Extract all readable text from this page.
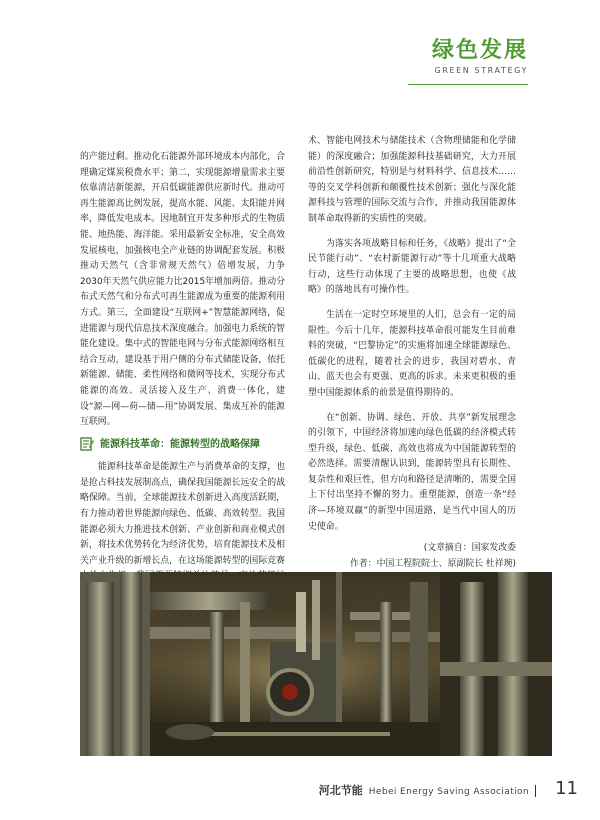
绿色发展
GREEN STRATEGY

的产能过剩。推动化石能源外部环境成本内部化，合理确定煤炭税费水平；第二，实现能源增量需求主要依靠清洁新能源，开启低碳能源供应新时代。推动可再生能源高比例发展，提高水能、风能、太阳能并网率，降低发电成本。因地制宜开发多种形式的生物质能、地热能、海洋能。采用最新安全标准，安全高效发展核电，加强核电全产业链的协调配套发展。积极推动天然气（含非常规天然气）倍增发展，力争2030年天然气供应能力比2015年增加两倍。推动分布式天然气和分布式可再生能源成为重要的能源利用方式。第三，全面建设“互联网+”智慧能源网络，促进能源与现代信息技术深度融合。加强电力系统的智能化建设。集中式的智能电网与分布式能源网络相互结合互动，建设基于用户侧的分布式储能设备，依托新能源、储能、柔性网络和微网等技术，实现分布式能源的高效、灵活接入及生产、消费一体化，建设“源—网—荷—储—用”协调发展、集成互补的能源互联网。

能源科技革命：能源转型的战略保障

能源科技革命是能源生产与消费革命的支撑，也是抢占科技发展制高点，确保我国能源长远安全的战略保障。当前，全球能源技术创新进入高度活跃期，有力推动着世界能源向绿色、低碳、高效转型。我国能源必须大力推进技术创新、产业创新和商业模式创新，将技术优势转化为经济优势，培育能源技术及相关产业升级的新增长点，在这场能源转型的国际竞赛

术、智能电网技术与储能技术（含物理储能和化学储能）的深度融合；加强能源科技基础研究，大力开展前沿性创新研究，特别是与材料科学、信息技术……等的交叉学科创新和颠覆性技术创新；强化与深化能源科技与管理的国际交流与合作，并推动我国能源体制革命取得新的实质性的突破。

为落实各项战略目标和任务，《战略》提出了“全民节能行动”、“农村新能源行动”等十几项重大战略行动，这些行动体现了主要的战略思想，也使《战略》的落地具有可操作性。

生活在一定时空环境里的人们，总会有一定的局限性。今后十几年，能源科技革命很可能发生目前难料的突破，“巴黎协定”的实施将加速全球能源绿色、低碳化的进程，随着社会的进步，我国对碧水、青山、蓝天也会有更强、更高的诉求。未来更积极的重塑中国能源体系的前景是值得期待的。

在“创新、协调、绿色、开放、共享”新发展理念的引领下，中国经济将加速向绿色低碳的经济模式转型升级，绿色、低碳、高效也将成为中国能源转型的必然选择。需要清醒认识到，能源转型具有长期性、复杂性和艰巨性，但方向和路径是清晰的，需要全国上下付出坚持不懈的努力。重塑能源，创造一条“经济—环境双赢”的新型中国道路，是当代中国人的历史使命。

(文章摘自：国家发改委
作者：中国工程院院士、原副院长 杜祥琬)
河北节能 Hebei Energy Saving Association	11
